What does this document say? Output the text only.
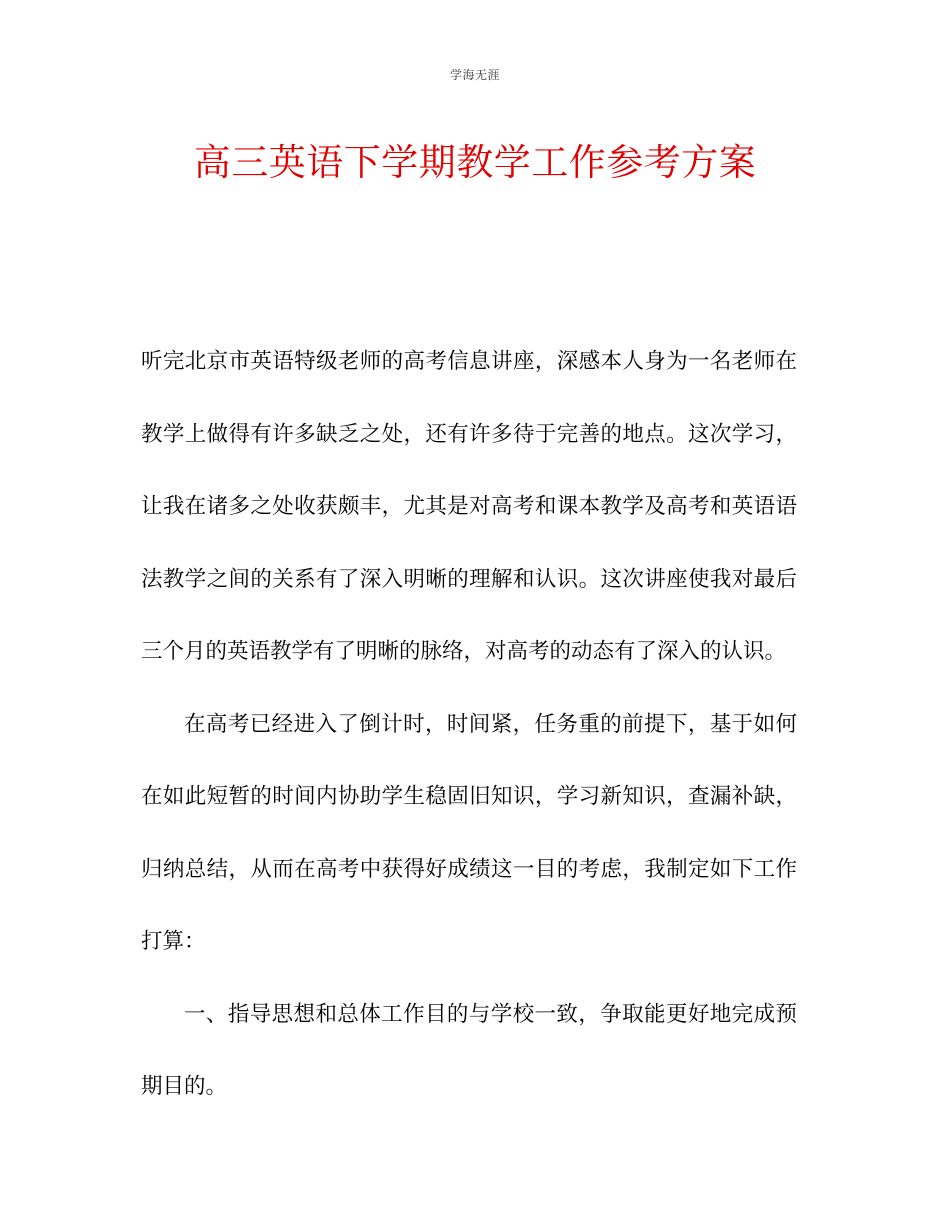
学海无涯
高三英语下学期教学工作参考方案

听完北京市英语特级老师的高考信息讲座，深感本人身为一名老师在教学上做得有许多缺乏之处，还有许多待于完善的地点。这次学习，让我在诸多之处收获颇丰，尤其是对高考和课本教学及高考和英语语法教学之间的关系有了深入明晰的理解和认识。这次讲座使我对最后三个月的英语教学有了明晰的脉络，对高考的动态有了深入的认识。

在高考已经进入了倒计时，时间紧，任务重的前提下，基于如何在如此短暂的时间内协助学生稳固旧知识，学习新知识，查漏补缺，归纳总结，从而在高考中获得好成绩这一目的考虑，我制定如下工作打算：

一、指导思想和总体工作目的与学校一致，争取能更好地完成预期目的。
